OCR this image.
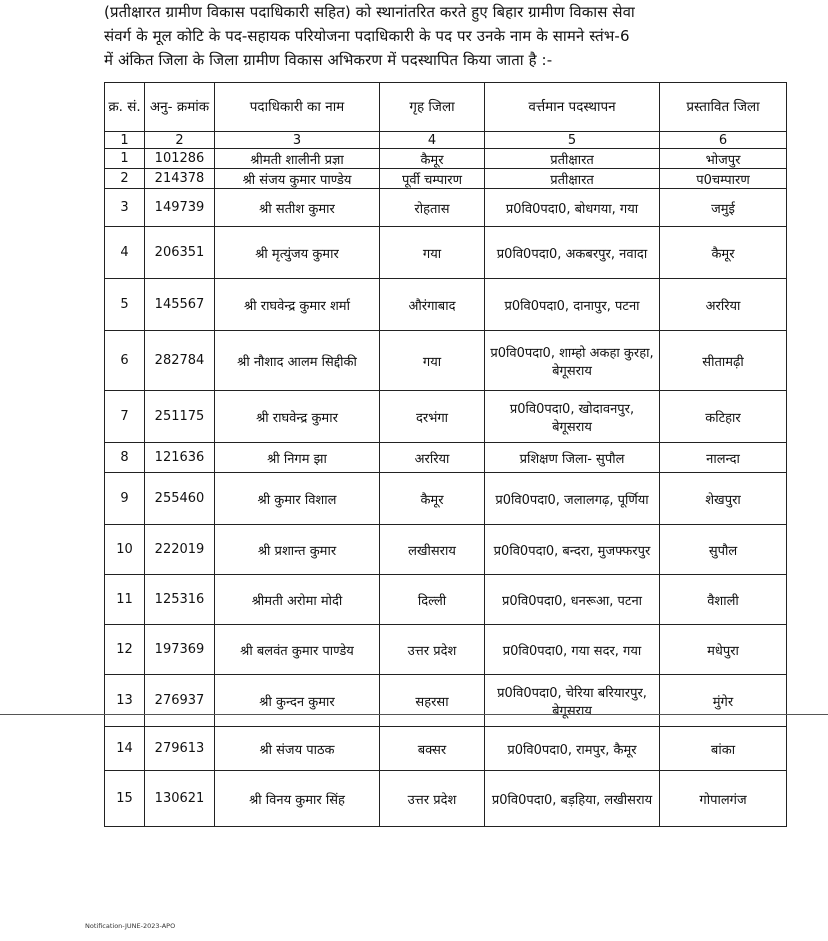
(प्रतीक्षारत ग्रामीण विकास पदाधिकारी सहित) को स्थानांतरित करते हुए बिहार ग्रामीण विकास सेवा

संवर्ग के मूल कोटि के पद-सहायक परियोजना पदाधिकारी के पद पर उनके नाम के सामने स्तंभ-6

में अंकित जिला के जिला ग्रामीण विकास अभिकरण में पदस्थापित किया जाता है :-

क्र. सं.	अनु- क्रमांक	पदाधिकारी का नाम	गृह जिला	वर्त्तमान पदस्थापन	प्रस्तावित जिला
1	2	3	4	5	6
1	101286	श्रीमती शालीनी प्रज्ञा	कैमूर	प्रतीक्षारत	भोजपुर
2	214378	श्री संजय कुमार पाण्डेय	पूर्वी चम्पारण	प्रतीक्षारत	प0चम्पारण
3	149739	श्री सतीश कुमार	रोहतास	प्र0वि0पदा0, बोधगया, गया	जमुई
4	206351	श्री मृत्युंजय कुमार	गया	प्र0वि0पदा0, अकबरपुर, नवादा	कैमूर
5	145567	श्री राघवेन्द्र कुमार शर्मा	औरंगाबाद	प्र0वि0पदा0, दानापुर, पटना	अररिया
6	282784	श्री नौशाद आलम सिद्दीकी	गया	प्र0वि0पदा0, शाम्हो अकहा कुरहा, बेगूसराय	सीतामढ़ी
7	251175	श्री राघवेन्द्र कुमार	दरभंगा	प्र0वि0पदा0, खोदावनपुर, बेगूसराय	कटिहार
8	121636	श्री निगम झा	अररिया	प्रशिक्षण जिला- सुपौल	नालन्दा
9	255460	श्री कुमार विशाल	कैमूर	प्र0वि0पदा0, जलालगढ़, पूर्णिया	शेखपुरा
10	222019	श्री प्रशान्त कुमार	लखीसराय	प्र0वि0पदा0, बन्दरा, मुजफ्फरपुर	सुपौल
11	125316	श्रीमती अरोमा मोदी	दिल्ली	प्र0वि0पदा0, धनरूआ, पटना	वैशाली
12	197369	श्री बलवंत कुमार पाण्डेय	उत्तर प्रदेश	प्र0वि0पदा0, गया सदर, गया	मधेपुरा
13	276937	श्री कुन्दन कुमार	सहरसा	प्र0वि0पदा0, चेरिया बरियारपुर, बेगूसराय	मुंगेर
14	279613	श्री संजय पाठक	बक्सर	प्र0वि0पदा0, रामपुर, कैमूर	बांका
15	130621	श्री विनय कुमार सिंह	उत्तर प्रदेश	प्र0वि0पदा0, बड़हिया, लखीसराय	गोपालगंज
Notification-JUNE-2023-APO
